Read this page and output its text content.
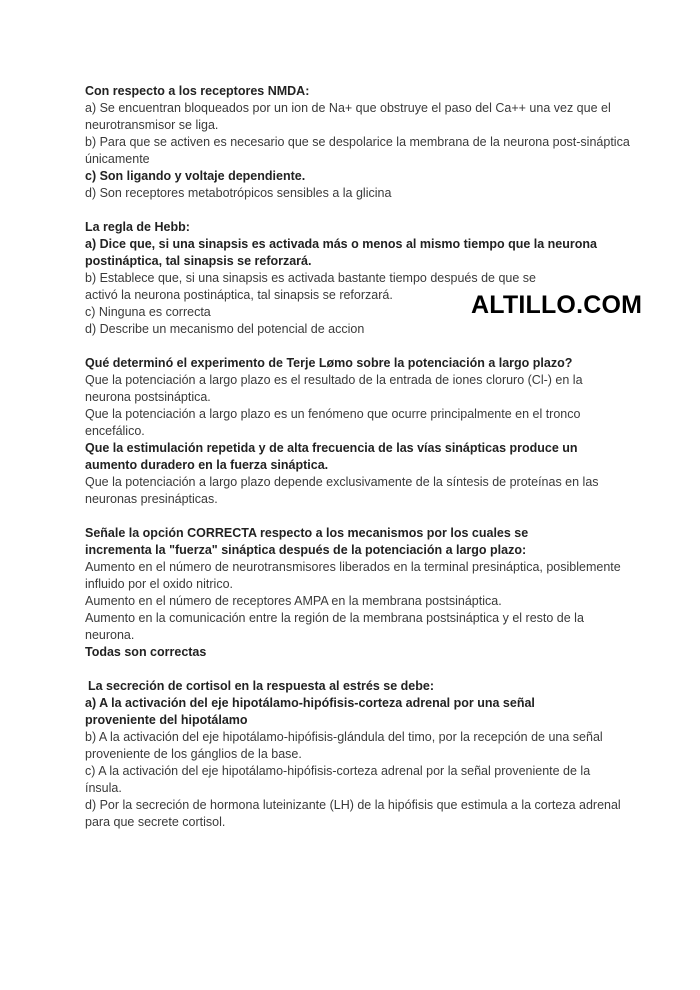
ALTILLO.COM
Con respecto a los receptores NMDA:
a) Se encuentran bloqueados por un ion de Na+ que obstruye el paso del Ca++ una vez que el neurotransmisor se liga.
b) Para que se activen es necesario que se despolarice la membrana de la neurona post-sináptica únicamente
c) Son ligando y voltaje dependiente.
d) Son receptores metabotrópicos sensibles a la glicina
La regla de Hebb:
a) Dice que, si una sinapsis es activada más o menos al mismo tiempo que la neurona postináptica, tal sinapsis se reforzará.
b) Establece que, si una sinapsis es activada bastante tiempo después de que se activó la neurona postináptica, tal sinapsis se reforzará.
c) Ninguna es correcta
d) Describe un mecanismo del potencial de accion
Qué determinó el experimento de Terje Lømo sobre la potenciación a largo plazo?
Que la potenciación a largo plazo es el resultado de la entrada de iones cloruro (Cl-) en la neurona postsináptica.
Que la potenciación a largo plazo es un fenómeno que ocurre principalmente en el tronco encefálico.
Que la estimulación repetida y de alta frecuencia de las vías sinápticas produce un aumento duradero en la fuerza sináptica.
Que la potenciación a largo plazo depende exclusivamente de la síntesis de proteínas en las neuronas presinápticas.
Señale la opción CORRECTA respecto a los mecanismos por los cuales se incrementa la "fuerza" sináptica después de la potenciación a largo plazo:
Aumento en el número de neurotransmisores liberados en la terminal presináptica, posiblemente influido por el oxido nitrico.
Aumento en el número de receptores AMPA en la membrana postsináptica.
Aumento en la comunicación entre la región de la membrana postsináptica y el resto de la neurona.
Todas son correctas
La secreción de cortisol en la respuesta al estrés se debe:
a) A la activación del eje hipotálamo-hipófisis-corteza adrenal por una señal proveniente del hipotálamo
b) A la activación del eje hipotálamo-hipófisis-glándula del timo, por la recepción de una señal proveniente de los gánglios de la base.
c) A la activación del eje hipotálamo-hipófisis-corteza adrenal por la señal proveniente de la ínsula.
d) Por la secreción de hormona luteinizante (LH) de la hipófisis que estimula a la corteza adrenal para que secrete cortisol.
